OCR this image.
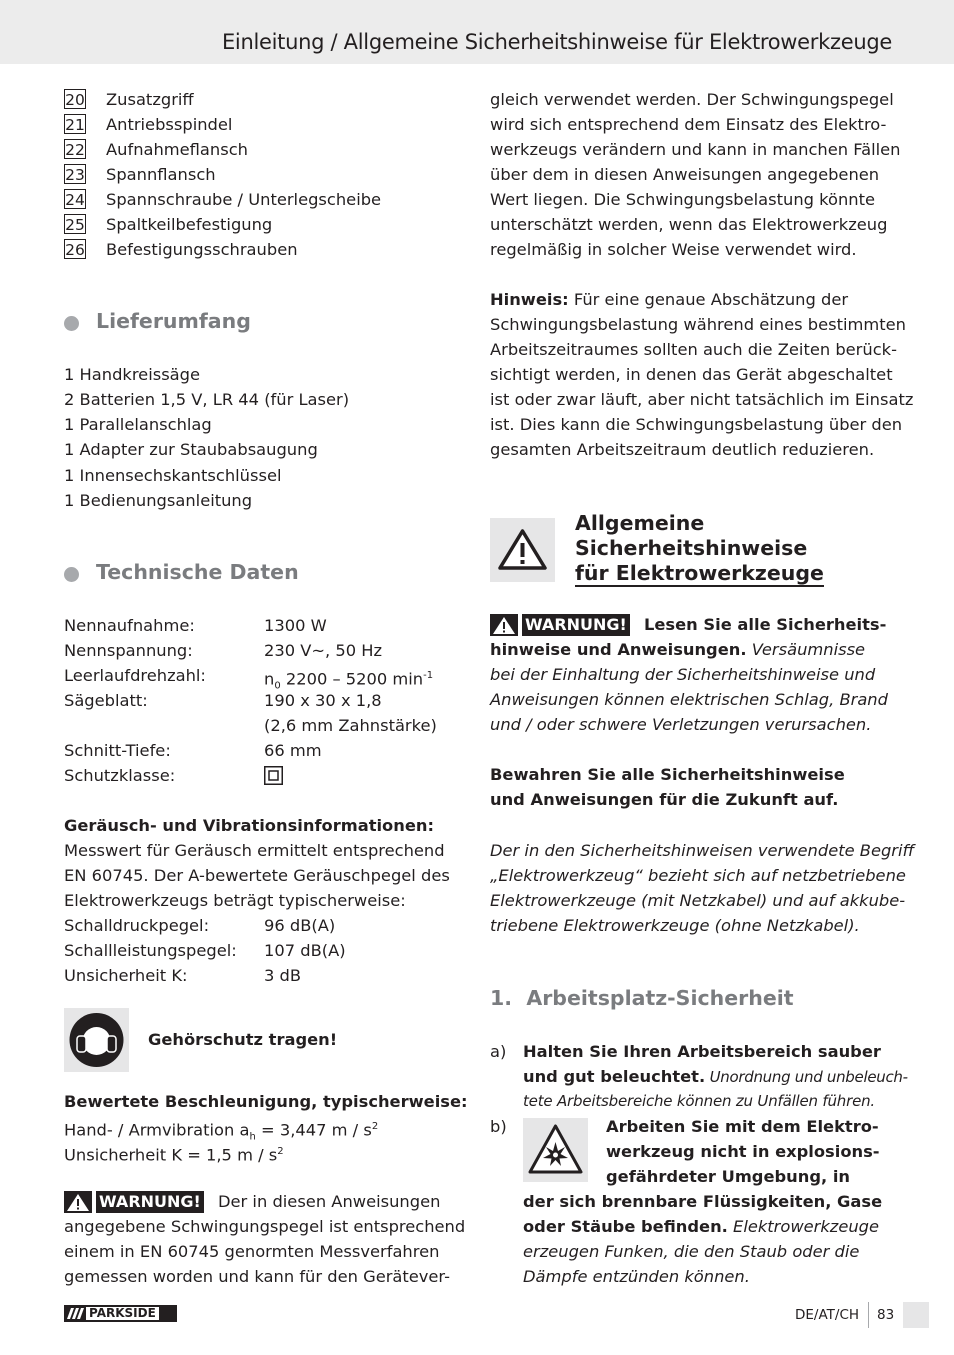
Einleitung / Allgemeine Sicherheitshinweise für Elektrowerkzeuge
20 Zusatzgriff
21 Antriebsspindel
22 Aufnahmeflansch
23 Spannflansch
24 Spannschraube / Unterlegscheibe
25 Spaltkeilbefestigung
26 Befestigungsschrauben
Lieferumfang
1 Handkreissäge
2 Batterien 1,5 V, LR 44 (für Laser)
1 Parallelanschlag
1 Adapter zur Staubabsaugung
1 Innensechskantschlüssel
1 Bedienungsanleitung
Technische Daten
Nennaufnahme:	1300 W
Nennspannung:	230 V~, 50 Hz
Leerlaufdrehzahl:	$n_0$ 2200 – 5200 $\min^{-1}$
Sägeblatt:	190 x 30 x 1,8
(2,6 mm Zahnstärke)
Schnitt-Tiefe:	66 mm
Schutzklasse:
Geräusch- und Vibrationsinformationen:
Messwert für Geräusch ermittelt entsprechend
EN 60745. Der A-bewertete Geräuschpegel des
Elektrowerkzeugs beträgt typischerweise:
Schalldruckpegel:	96 dB(A)
Schallleistungspegel: 107 dB(A)
Unsicherheit K:	3 dB
Gehörschutz tragen!
Bewertete Beschleunigung, typischerweise:
Hand- / Armvibration $a_h = 3,447$ m / $s^2$
Unsicherheit K = 1,5 m / $s^2$
WARNUNG! Der in diesen Anweisungen
angegebene Schwingungspegel ist entsprechend
einem in EN 60745 genormten Messverfahren
gemessen worden und kann für den Gerätever-
gleich verwendet werden. Der Schwingungspegel
wird sich entsprechend dem Einsatz des Elektro-
werkzeugs verändern und kann in manchen Fällen
über dem in diesen Anweisungen angegebenen
Wert liegen. Die Schwingungsbelastung könnte
unterschätzt werden, wenn das Elektrowerkzeug
regelmäßig in solcher Weise verwendet wird.
Hinweis: Für eine genaue Abschätzung der
Schwingungsbelastung während eines bestimmten
Arbeitszeitraumes sollten auch die Zeiten berück-
sichtigt werden, in denen das Gerät abgeschaltet
ist oder zwar läuft, aber nicht tatsächlich im Einsatz
ist. Dies kann die Schwingungsbelastung über den
gesamten Arbeitszeitraum deutlich reduzieren.
Allgemeine
Sicherheitshinweise
für Elektrowerkzeuge
WARNUNG! Lesen Sie alle Sicherheits-
hinweise und Anweisungen. Versäumnisse
bei der Einhaltung der Sicherheitshinweise und
Anweisungen können elektrischen Schlag, Brand
und / oder schwere Verletzungen verursachen.
Bewahren Sie alle Sicherheitshinweise
und Anweisungen für die Zukunft auf.
Der in den Sicherheitshinweisen verwendete Begriff
„Elektrowerkzeug“ bezieht sich auf netzbetriebene
Elektrowerkzeuge (mit Netzkabel) und auf akkube-
triebene Elektrowerkzeuge (ohne Netzkabel).
1.  Arbeitsplatz-Sicherheit
a) Halten Sie Ihren Arbeitsbereich sauber
und gut beleuchtet. Unordnung und unbeleuch-
tete Arbeitsbereiche können zu Unfällen führen.
b)	Arbeiten Sie mit dem Elektro-
werkzeug nicht in explosions-
gefährdeter Umgebung, in
der sich brennbare Flüssigkeiten, Gase
oder Stäube befinden. Elektrowerkzeuge
erzeugen Funken, die den Staub oder die
Dämpfe entzünden können.
PARKSIDE	DE/AT/CH 83
